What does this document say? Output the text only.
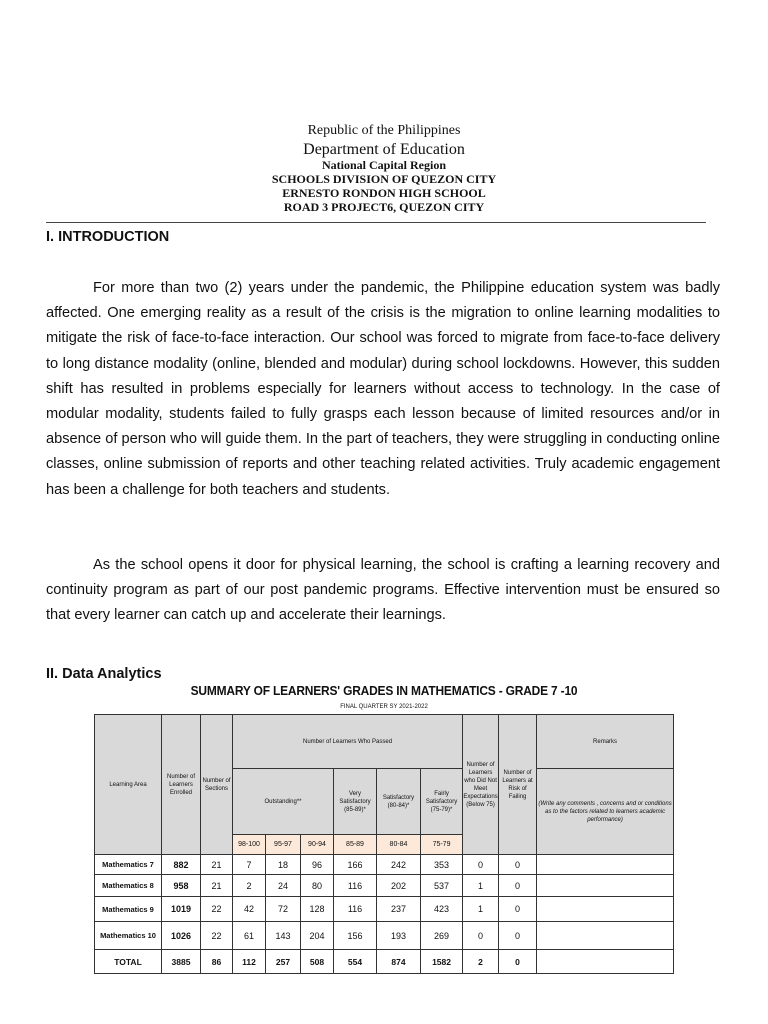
Republic of the Philippines
Department of Education
National Capital Region
SCHOOLS DIVISION OF QUEZON CITY
ERNESTO RONDON HIGH SCHOOL
ROAD 3 PROJECT6, QUEZON CITY
I. INTRODUCTION

For more than two (2) years under the pandemic, the Philippine education system was badly affected. One emerging reality as a result of the crisis is the migration to online learning modalities to mitigate the risk of face-to-face interaction. Our school was forced to migrate from face-to-face delivery to long distance modality (online, blended and modular) during school lockdowns. However, this sudden shift has resulted in problems especially for learners without access to technology. In the case of modular modality, students failed to fully grasps each lesson because of limited resources and/or in absence of person who will guide them. In the part of teachers, they were struggling in conducting online classes, online submission of reports and other teaching related activities. Truly academic engagement has been a challenge for both teachers and students.

As the school opens it door for physical learning, the school is crafting a learning recovery and continuity program as part of our post pandemic programs. Effective intervention must be ensured so that every learner can catch up and accelerate their learnings.

II. Data Analytics
SUMMARY OF LEARNERS' GRADES IN MATHEMATICS - GRADE 7 -10
FINAL QUARTER SY 2021-2022
Learning Area	Number of Learners Enrolled	Number of Sections	Number of Learners Who Passed						Number of Learners who Did Not Meet Expectations (Below 75)	Number of Learners at Risk of Failing	Remarks
			Outstanding**			Very Satisfactory (85-89)*	Satisfactory (80-84)*	Fairly Satisfactory (75-79)*			(Write any comments , concerns and or conditions as to the factors related to learners academic performance)
			98-100	95-97	90-94	85-89	80-84	75-79			
Mathematics 7	882	21	7	18	96	166	242	353	0	0	
Mathematics 8	958	21	2	24	80	116	202	537	1	0	
Mathematics 9	1019	22	42	72	128	116	237	423	1	0	
Mathematics 10	1026	22	61	143	204	156	193	269	0	0	
TOTAL	3885	86	112	257	508	554	874	1582	2	0	
